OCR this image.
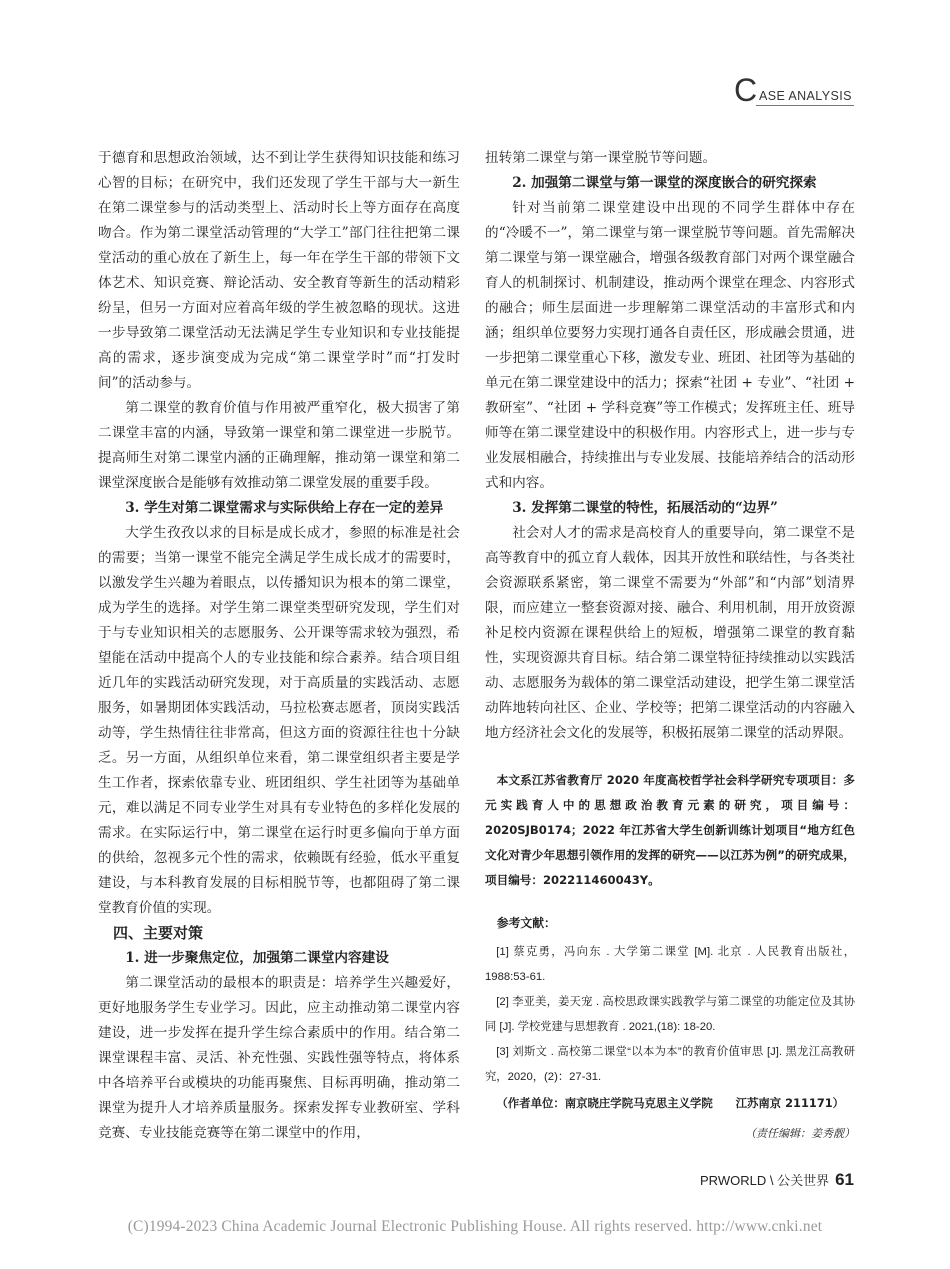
C ASE ANALYSIS

于德育和思想政治领域，达不到让学生获得知识技能和练习心智的目标；在研究中，我们还发现了学生干部与大一新生在第二课堂参与的活动类型上、活动时长上等方面存在高度吻合。作为第二课堂活动管理的“大学工”部门往往把第二课堂活动的重心放在了新生上，每一年在学生干部的带领下文体艺术、知识竞赛、辩论活动、安全教育等新生的活动精彩纷呈，但另一方面对应着高年级的学生被忽略的现状。这进一步导致第二课堂活动无法满足学生专业知识和专业技能提高的需求，逐步演变成为完成“第二课堂学时”而“打发时间”的活动参与。

第二课堂的教育价值与作用被严重窄化，极大损害了第二课堂丰富的内涵，导致第一课堂和第二课堂进一步脱节。提高师生对第二课堂内涵的正确理解，推动第一课堂和第二课堂深度嵌合是能够有效推动第二课堂发展的重要手段。

3. 学生对第二课堂需求与实际供给上存在一定的差异

大学生孜孜以求的目标是成长成才，参照的标准是社会的需要；当第一课堂不能完全满足学生成长成才的需要时，以激发学生兴趣为着眼点，以传播知识为根本的第二课堂，成为学生的选择。对学生第二课堂类型研究发现，学生们对于与专业知识相关的志愿服务、公开课等需求较为强烈，希望能在活动中提高个人的专业技能和综合素养。结合项目组近几年的实践活动研究发现，对于高质量的实践活动、志愿服务，如暑期团体实践活动，马拉松赛志愿者，顶岗实践活动等，学生热情往往非常高，但这方面的资源往往也十分缺乏。另一方面，从组织单位来看，第二课堂组织者主要是学生工作者，探索依靠专业、班团组织、学生社团等为基础单元，难以满足不同专业学生对具有专业特色的多样化发展的需求。在实际运行中，第二课堂在运行时更多偏向于单方面的供给，忽视多元个性的需求，依赖既有经验，低水平重复建设，与本科教育发展的目标相脱节等，也都阻碍了第二课堂教育价值的实现。

四、主要对策

1. 进一步聚焦定位，加强第二课堂内容建设

第二课堂活动的最根本的职责是：培养学生兴趣爱好，更好地服务学生专业学习。因此，应主动推动第二课堂内容建设，进一步发挥在提升学生综合素质中的作用。结合第二课堂课程丰富、灵活、补充性强、实践性强等特点，将体系中各培养平台或模块的功能再聚焦、目标再明确，推动第二课堂为提升人才培养质量服务。探索发挥专业教研室、学科竞赛、专业技能竞赛等在第二课堂中的作用，

扭转第二课堂与第一课堂脱节等问题。

2. 加强第二课堂与第一课堂的深度嵌合的研究探索

针对当前第二课堂建设中出现的不同学生群体中存在的“冷暖不一”，第二课堂与第一课堂脱节等问题。首先需解决第二课堂与第一课堂融合，增强各级教育部门对两个课堂融合育人的机制探讨、机制建设，推动两个课堂在理念、内容形式的融合；师生层面进一步理解第二课堂活动的丰富形式和内涵；组织单位要努力实现打通各自责任区，形成融会贯通，进一步把第二课堂重心下移，激发专业、班团、社团等为基础的单元在第二课堂建设中的活力；探索“社团 + 专业”、“社团 + 教研室”、“社团 + 学科竞赛”等工作模式；发挥班主任、班导师等在第二课堂建设中的积极作用。内容形式上，进一步与专业发展相融合，持续推出与专业发展、技能培养结合的活动形式和内容。

3. 发挥第二课堂的特性，拓展活动的“边界”

社会对人才的需求是高校育人的重要导向，第二课堂不是高等教育中的孤立育人载体，因其开放性和联结性，与各类社会资源联系紧密，第二课堂不需要为“外部”和“内部”划清界限，而应建立一整套资源对接、融合、利用机制，用开放资源补足校内资源在课程供给上的短板，增强第二课堂的教育黏性，实现资源共育目标。结合第二课堂特征持续推动以实践活动、志愿服务为载体的第二课堂活动建设，把学生第二课堂活动阵地转向社区、企业、学校等；把第二课堂活动的内容融入地方经济社会文化的发展等，积极拓展第二课堂的活动界限。

本文系江苏省教育厅 2020 年度高校哲学社会科学研究专项项目：多元实践育人中的思想政治教育元素的研究，项目编号：2020SJB0174；2022 年江苏省大学生创新训练计划项目“地方红色文化对青少年思想引领作用的发挥的研究——以江苏为例”的研究成果，项目编号：202211460043Y。

参考文献：

[1] 蔡克勇，冯向东 . 大学第二课堂 [M]. 北京 . 人民教育出版社，1988:53-61.

[2] 李亚美，姜天宠 . 高校思政课实践教学与第二课堂的功能定位及其协同 [J]. 学校党建与思想教育 . 2021,(18): 18-20.

[3] 刘斯文 . 高校第二课堂“以本为本”的教育价值审思 [J]. 黑龙江高教研究，2020，(2)：27-31.

（作者单位：南京晓庄学院马克思主义学院　　江苏南京 211171）

（责任编辑：姜秀靓）

PRWORLD \ 公关世界 61
(C)1994-2023 China Academic Journal Electronic Publishing House. All rights reserved. http://www.cnki.net
